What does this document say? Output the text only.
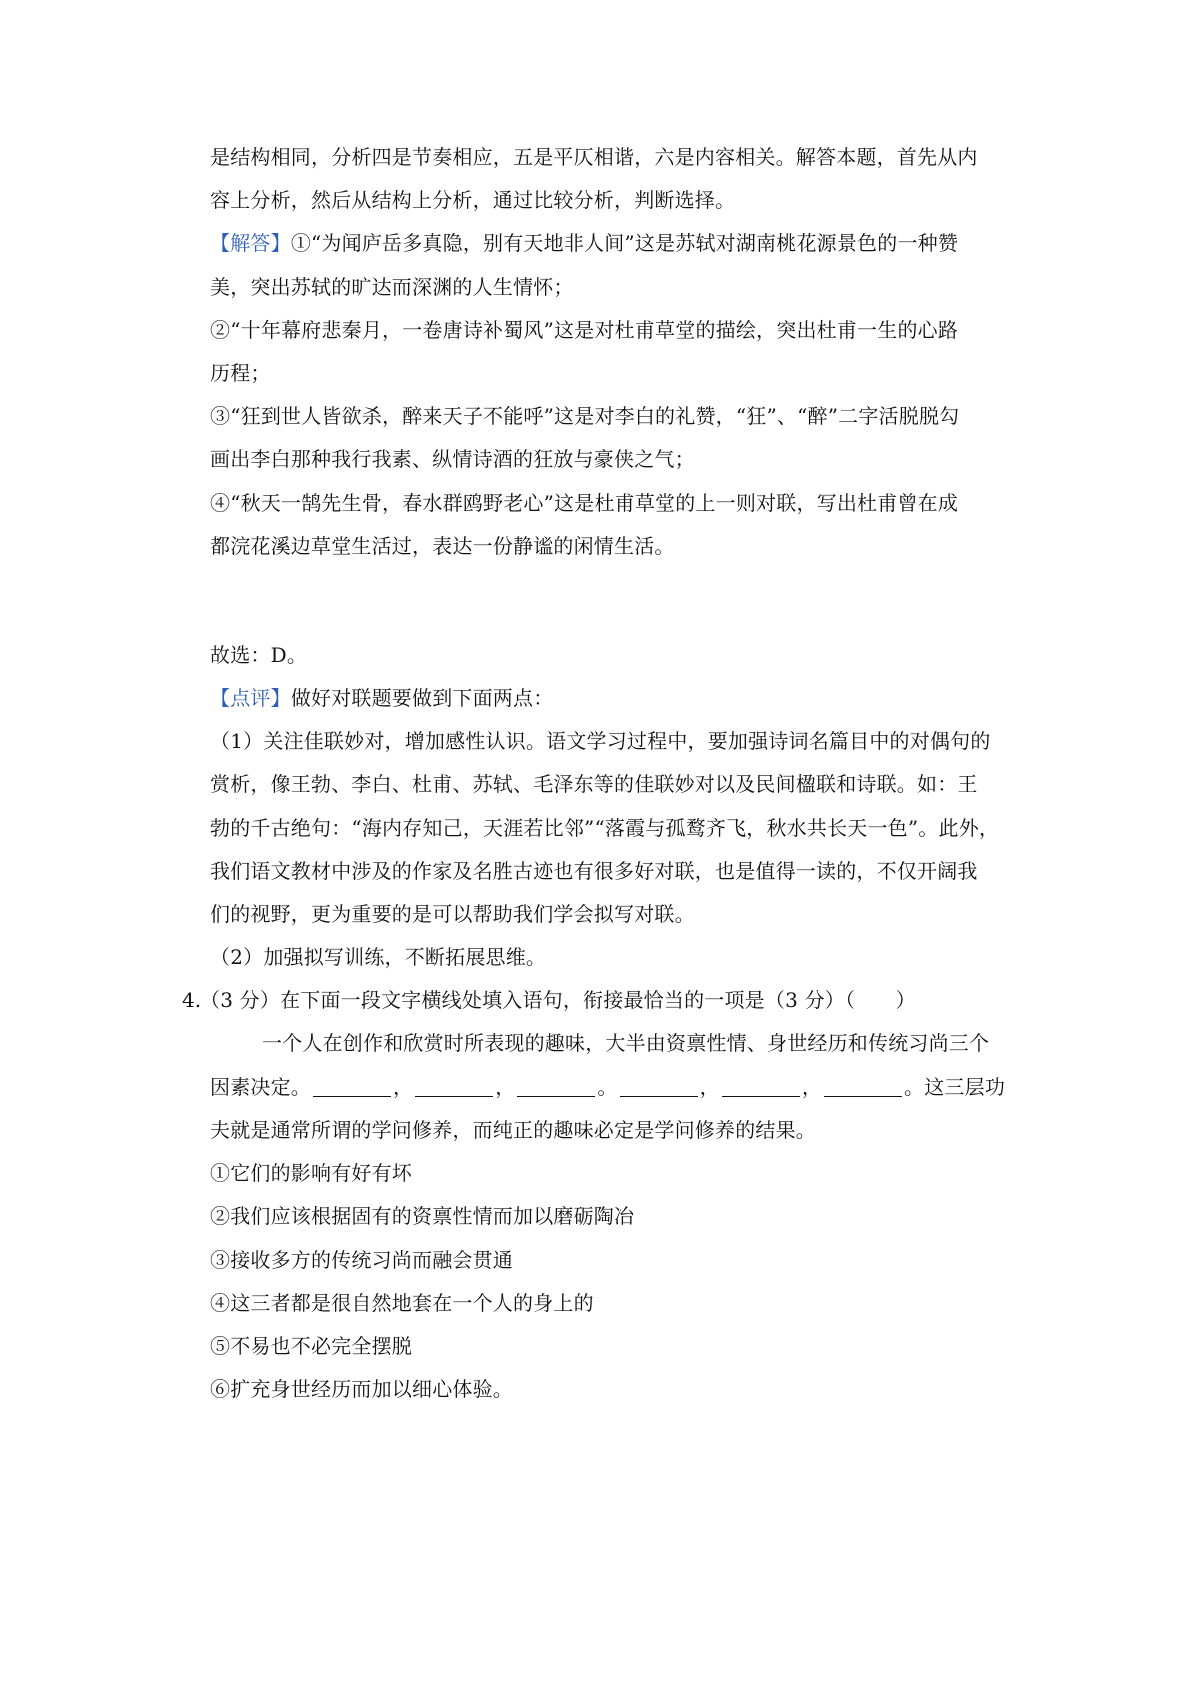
是结构相同，分析四是节奏相应，五是平仄相谐，六是内容相关。解答本题，首先从内
容上分析，然后从结构上分析，通过比较分析，判断选择。
【解答】①“为闻庐岳多真隐，别有天地非人间”这是苏轼对湖南桃花源景色的一种赞
美，突出苏轼的旷达而深渊的人生情怀；
②“十年幕府悲秦月，一卷唐诗补蜀风”这是对杜甫草堂的描绘，突出杜甫一生的心路
历程；
③“狂到世人皆欲杀，醉来天子不能呼”这是对李白的礼赞，“狂”、“醉”二字活脱脱勾
画出李白那种我行我素、纵情诗酒的狂放与豪侠之气；
④“秋天一鹄先生骨，春水群鸥野老心”这是杜甫草堂的上一则对联，写出杜甫曾在成
都浣花溪边草堂生活过，表达一份静谧的闲情生活。
故选：D。
【点评】做好对联题要做到下面两点：
（1）关注佳联妙对，增加感性认识。语文学习过程中，要加强诗词名篇目中的对偶句的
赏析，像王勃、李白、杜甫、苏轼、毛泽东等的佳联妙对以及民间楹联和诗联。如：王
勃的千古绝句：“海内存知己，天涯若比邻”“落霞与孤鹜齐飞，秋水共长天一色”。此外，
我们语文教材中涉及的作家及名胜古迹也有很多好对联，也是值得一读的，不仅开阔我
们的视野，更为重要的是可以帮助我们学会拟写对联。
（2）加强拟写训练，不断拓展思维。
4.
（3 分）在下面一段文字横线处填入语句，衔接最恰当的一项是（3 分）（　　）
一个人在创作和欣赏时所表现的趣味，大半由资禀性情、身世经历和传统习尚三个
因素决定。	，	，	。	，	，	。这三层功
夫就是通常所谓的学问修养，而纯正的趣味必定是学问修养的结果。
①它们的影响有好有坏
②我们应该根据固有的资禀性情而加以磨砺陶冶
③接收多方的传统习尚而融会贯通
④这三者都是很自然地套在一个人的身上的
⑤不易也不必完全摆脱
⑥扩充身世经历而加以细心体验。
